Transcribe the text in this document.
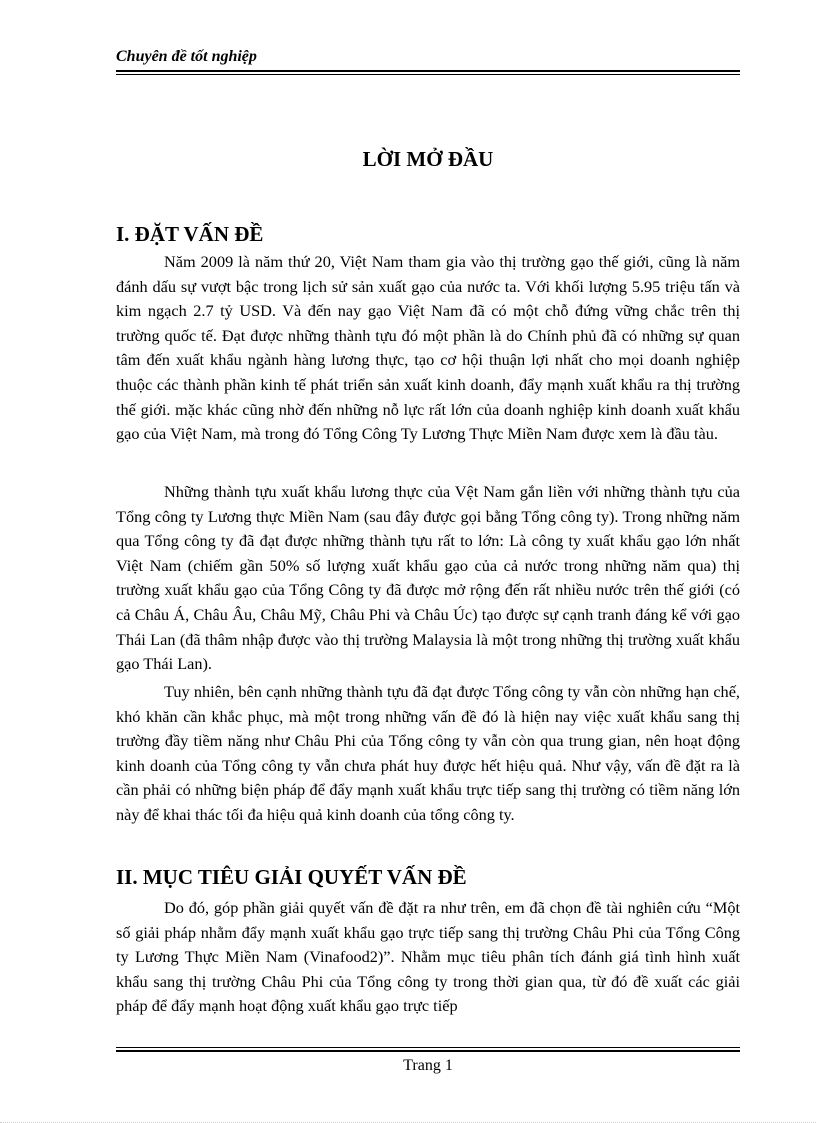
Chuyên đề tốt nghiệp
LỜI MỞ ĐẦU
I. ĐẶT VẤN ĐỀ

Năm 2009 là năm thứ 20, Việt Nam tham gia vào thị trường gạo thế giới, cũng là năm đánh dấu sự vượt bậc trong lịch sử sản xuất gạo của nước ta. Với khối lượng 5.95 triệu tấn và kim ngạch 2.7 tỷ USD. Và đến nay gạo Việt Nam đã có một chỗ đứng vững chắc trên thị trường quốc tế. Đạt được những thành tựu đó một phần là do Chính phủ đã có những sự quan tâm đến xuất khẩu ngành hàng lương thực, tạo cơ hội thuận lợi nhất cho mọi doanh nghiệp thuộc các thành phần kinh tế phát triển sản xuất kinh doanh, đẩy mạnh xuất khẩu ra thị trường thế giới. mặc khác cũng nhờ đến những nỗ lực rất lớn của doanh nghiệp kinh doanh xuất khẩu gạo của Việt Nam, mà trong đó Tổng Công Ty Lương Thực Miền Nam được xem là đầu tàu.

Những thành tựu xuất khẩu lương thực của Vệt Nam gắn liền với những thành tựu của Tổng công ty Lương thực Miền Nam (sau đây được gọi bằng Tổng công ty). Trong những năm qua Tổng công ty đã đạt được những thành tựu rất to lớn: Là công ty xuất khẩu gạo lớn nhất Việt Nam (chiếm gần 50% số lượng xuất khẩu gạo của cả nước trong những năm qua) thị trường xuất khẩu gạo của Tổng Công ty đã được mở rộng đến rất nhiều nước trên thế giới (có cả Châu Á, Châu Âu, Châu Mỹ, Châu Phi và Châu Úc) tạo được sự cạnh tranh đáng kể với gạo Thái Lan (đã thâm nhập được vào thị trường Malaysia là một trong những thị trường xuất khẩu gạo Thái Lan).

Tuy nhiên, bên cạnh những thành tựu đã đạt được Tổng công ty vẫn còn những hạn chế, khó khăn cần khắc phục, mà một trong những vấn đề đó là hiện nay việc xuất khẩu sang thị trường đầy tiềm năng như Châu Phi của Tổng công ty vẫn còn qua trung gian, nên hoạt động kinh doanh của Tổng công ty vẫn chưa phát huy được hết hiệu quả. Như vậy, vấn đề đặt ra là cần phải có những biện pháp để đẩy mạnh xuất khẩu trực tiếp sang thị trường có tiềm năng lớn này để khai thác tối đa hiệu quả kinh doanh của tổng công ty.

II. MỤC TIÊU GIẢI QUYẾT VẤN ĐỀ

Do đó, góp phần giải quyết vấn đề đặt ra như trên, em đã chọn đề tài nghiên cứu “Một số giải pháp nhằm đẩy mạnh xuất khẩu gạo trực tiếp sang thị trường Châu Phi của Tổng Công ty Lương Thực Miền Nam (Vinafood2)”. Nhằm mục tiêu phân tích đánh giá tình hình xuất khẩu sang thị trường Châu Phi của Tổng công ty trong thời gian qua, từ đó đề xuất các giải pháp để đẩy mạnh hoạt động xuất khẩu gạo trực tiếp

Trang 1
